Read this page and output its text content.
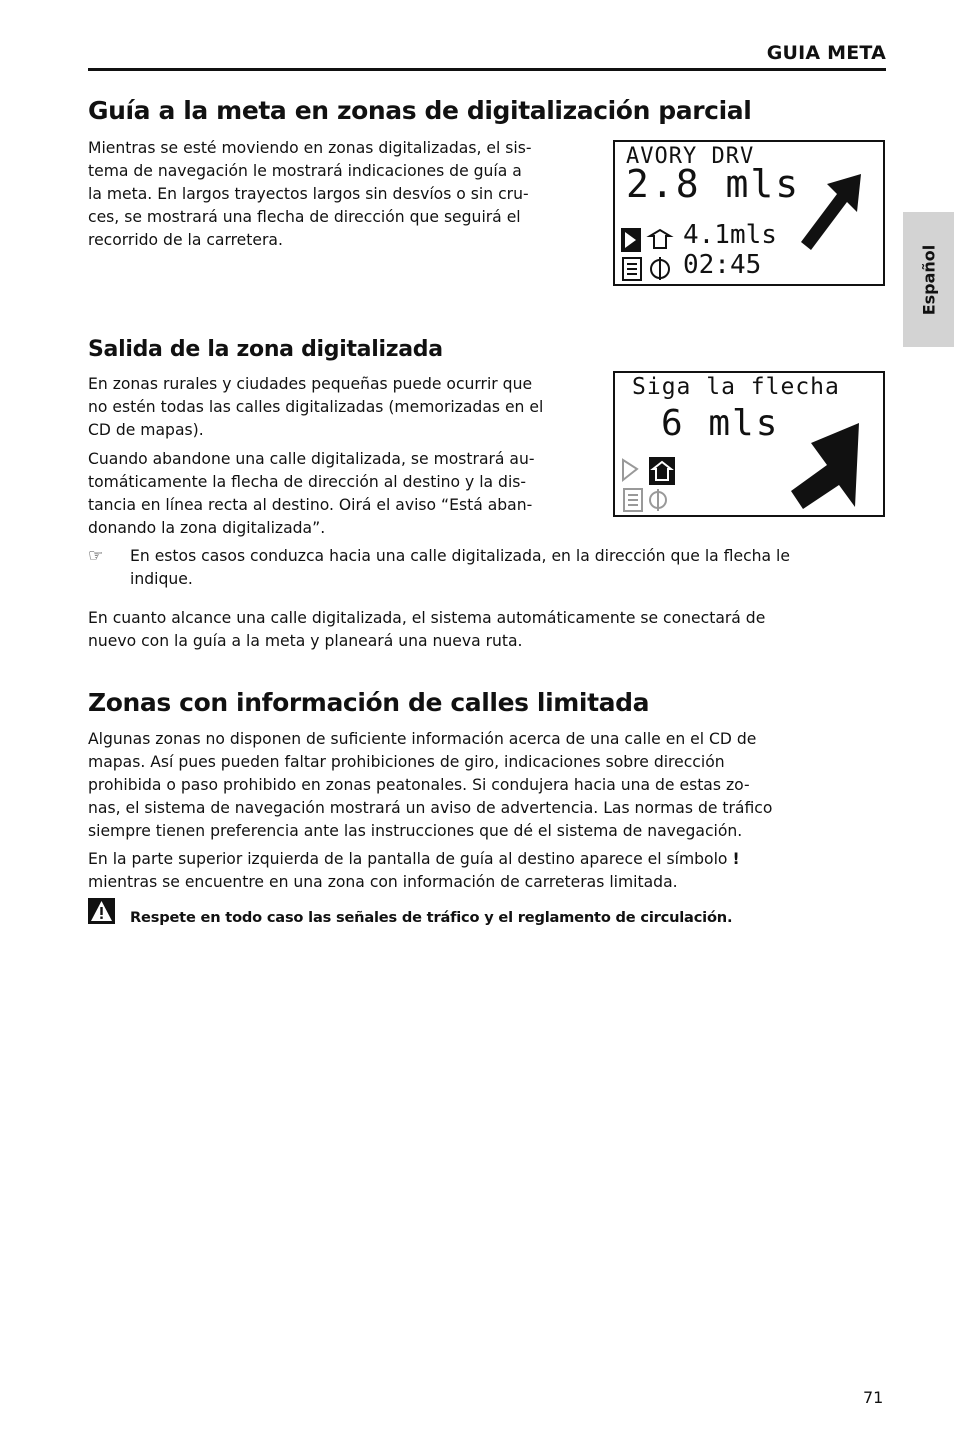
GUIA META
Español
Guía a la meta en zonas de digitalización parcial

Mientras se esté moviendo en zonas digitalizadas, el sis-
tema de navegación le mostrará indicaciones de guía a
la meta. En largos trayectos largos sin desvíos o sin cru-
ces, se mostrará una flecha de dirección que seguirá el
recorrido de la carretera.

AVORY DRV
2.8 mls
4.1mls
02:45
Salida de la zona digitalizada

En zonas rurales y ciudades pequeñas puede ocurrir que
no estén todas las calles digitalizadas (memorizadas en el
CD de mapas).

Cuando abandone una calle digitalizada, se mostrará au-
tomáticamente la flecha de dirección al destino y la dis-
tancia en línea recta al destino. Oirá el aviso “Está aban-
donando la zona digitalizada”.

Siga la flecha
6 mls
☞ En estos casos conduzca hacia una calle digitalizada, en la dirección que la flecha le
indique.

En cuanto alcance una calle digitalizada, el sistema automáticamente se conectará de
nuevo con la guía a la meta y planeará una nueva ruta.

Zonas con información de calles limitada

Algunas zonas no disponen de suficiente información acerca de una calle en el CD de
mapas. Así pues pueden faltar prohibiciones de giro, indicaciones sobre dirección
prohibida o paso prohibido en zonas peatonales. Si condujera hacia una de estas zo-
nas, el sistema de navegación mostrará un aviso de advertencia. Las normas de tráfico
siempre tienen preferencia ante las instrucciones que dé el sistema de navegación.

En la parte superior izquierda de la pantalla de guía al destino aparece el símbolo !
mientras se encuentre en una zona con información de carreteras limitada.

Respete en todo caso las señales de tráfico y el reglamento de circulación.

71
